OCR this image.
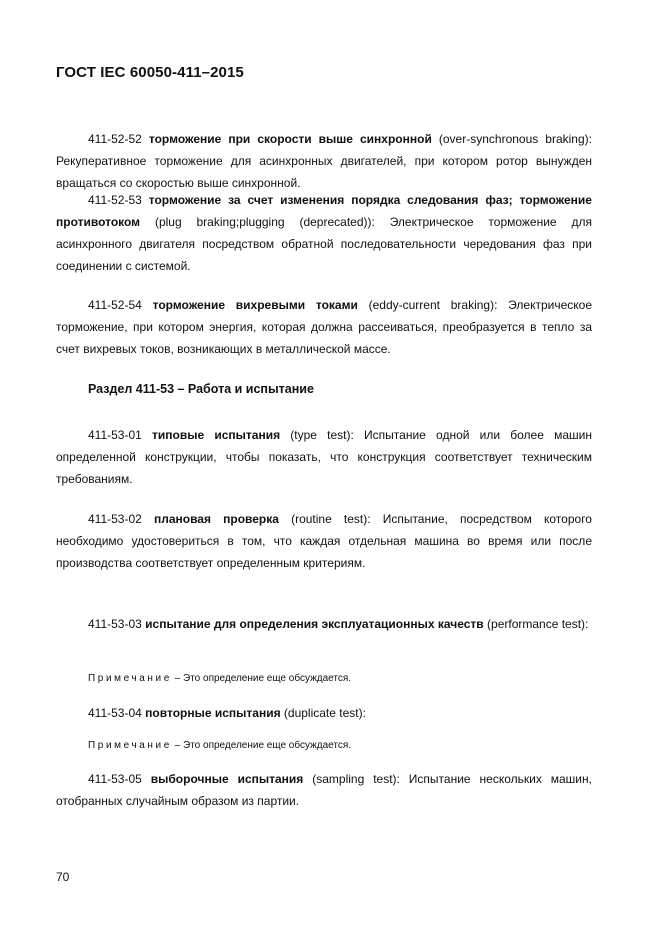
ГОСТ IEC 60050-411–2015
411-52-52 торможение при скорости выше синхронной (over-synchronous braking): Рекуперативное торможение для асинхронных двигателей, при котором ротор вынужден вращаться со скоростью выше синхронной.
411-52-53 торможение за счет изменения порядка следования фаз; торможение противотоком (plug braking;plugging (deprecated)): Электрическое торможение для асинхронного двигателя посредством обратной последовательности чередования фаз при соединении с системой.
411-52-54 торможение вихревыми токами (eddy-current braking): Электрическое торможение, при котором энергия, которая должна рассеиваться, преобразуется в тепло за счет вихревых токов, возникающих в металлической массе.
Раздел 411-53 – Работа и испытание
411-53-01 типовые испытания (type test): Испытание одной или более машин определенной конструкции, чтобы показать, что конструкция соответствует техническим требованиям.
411-53-02 плановая проверка (routine test): Испытание, посредством которого необходимо удостовериться в том, что каждая отдельная машина во время или после производства соответствует определенным критериям.
411-53-03 испытание для определения эксплуатационных качеств (performance test):
Примечание – Это определение еще обсуждается.
411-53-04 повторные испытания (duplicate test):
Примечание – Это определение еще обсуждается.
411-53-05 выборочные испытания (sampling test): Испытание нескольких машин, отобранных случайным образом из партии.
70
